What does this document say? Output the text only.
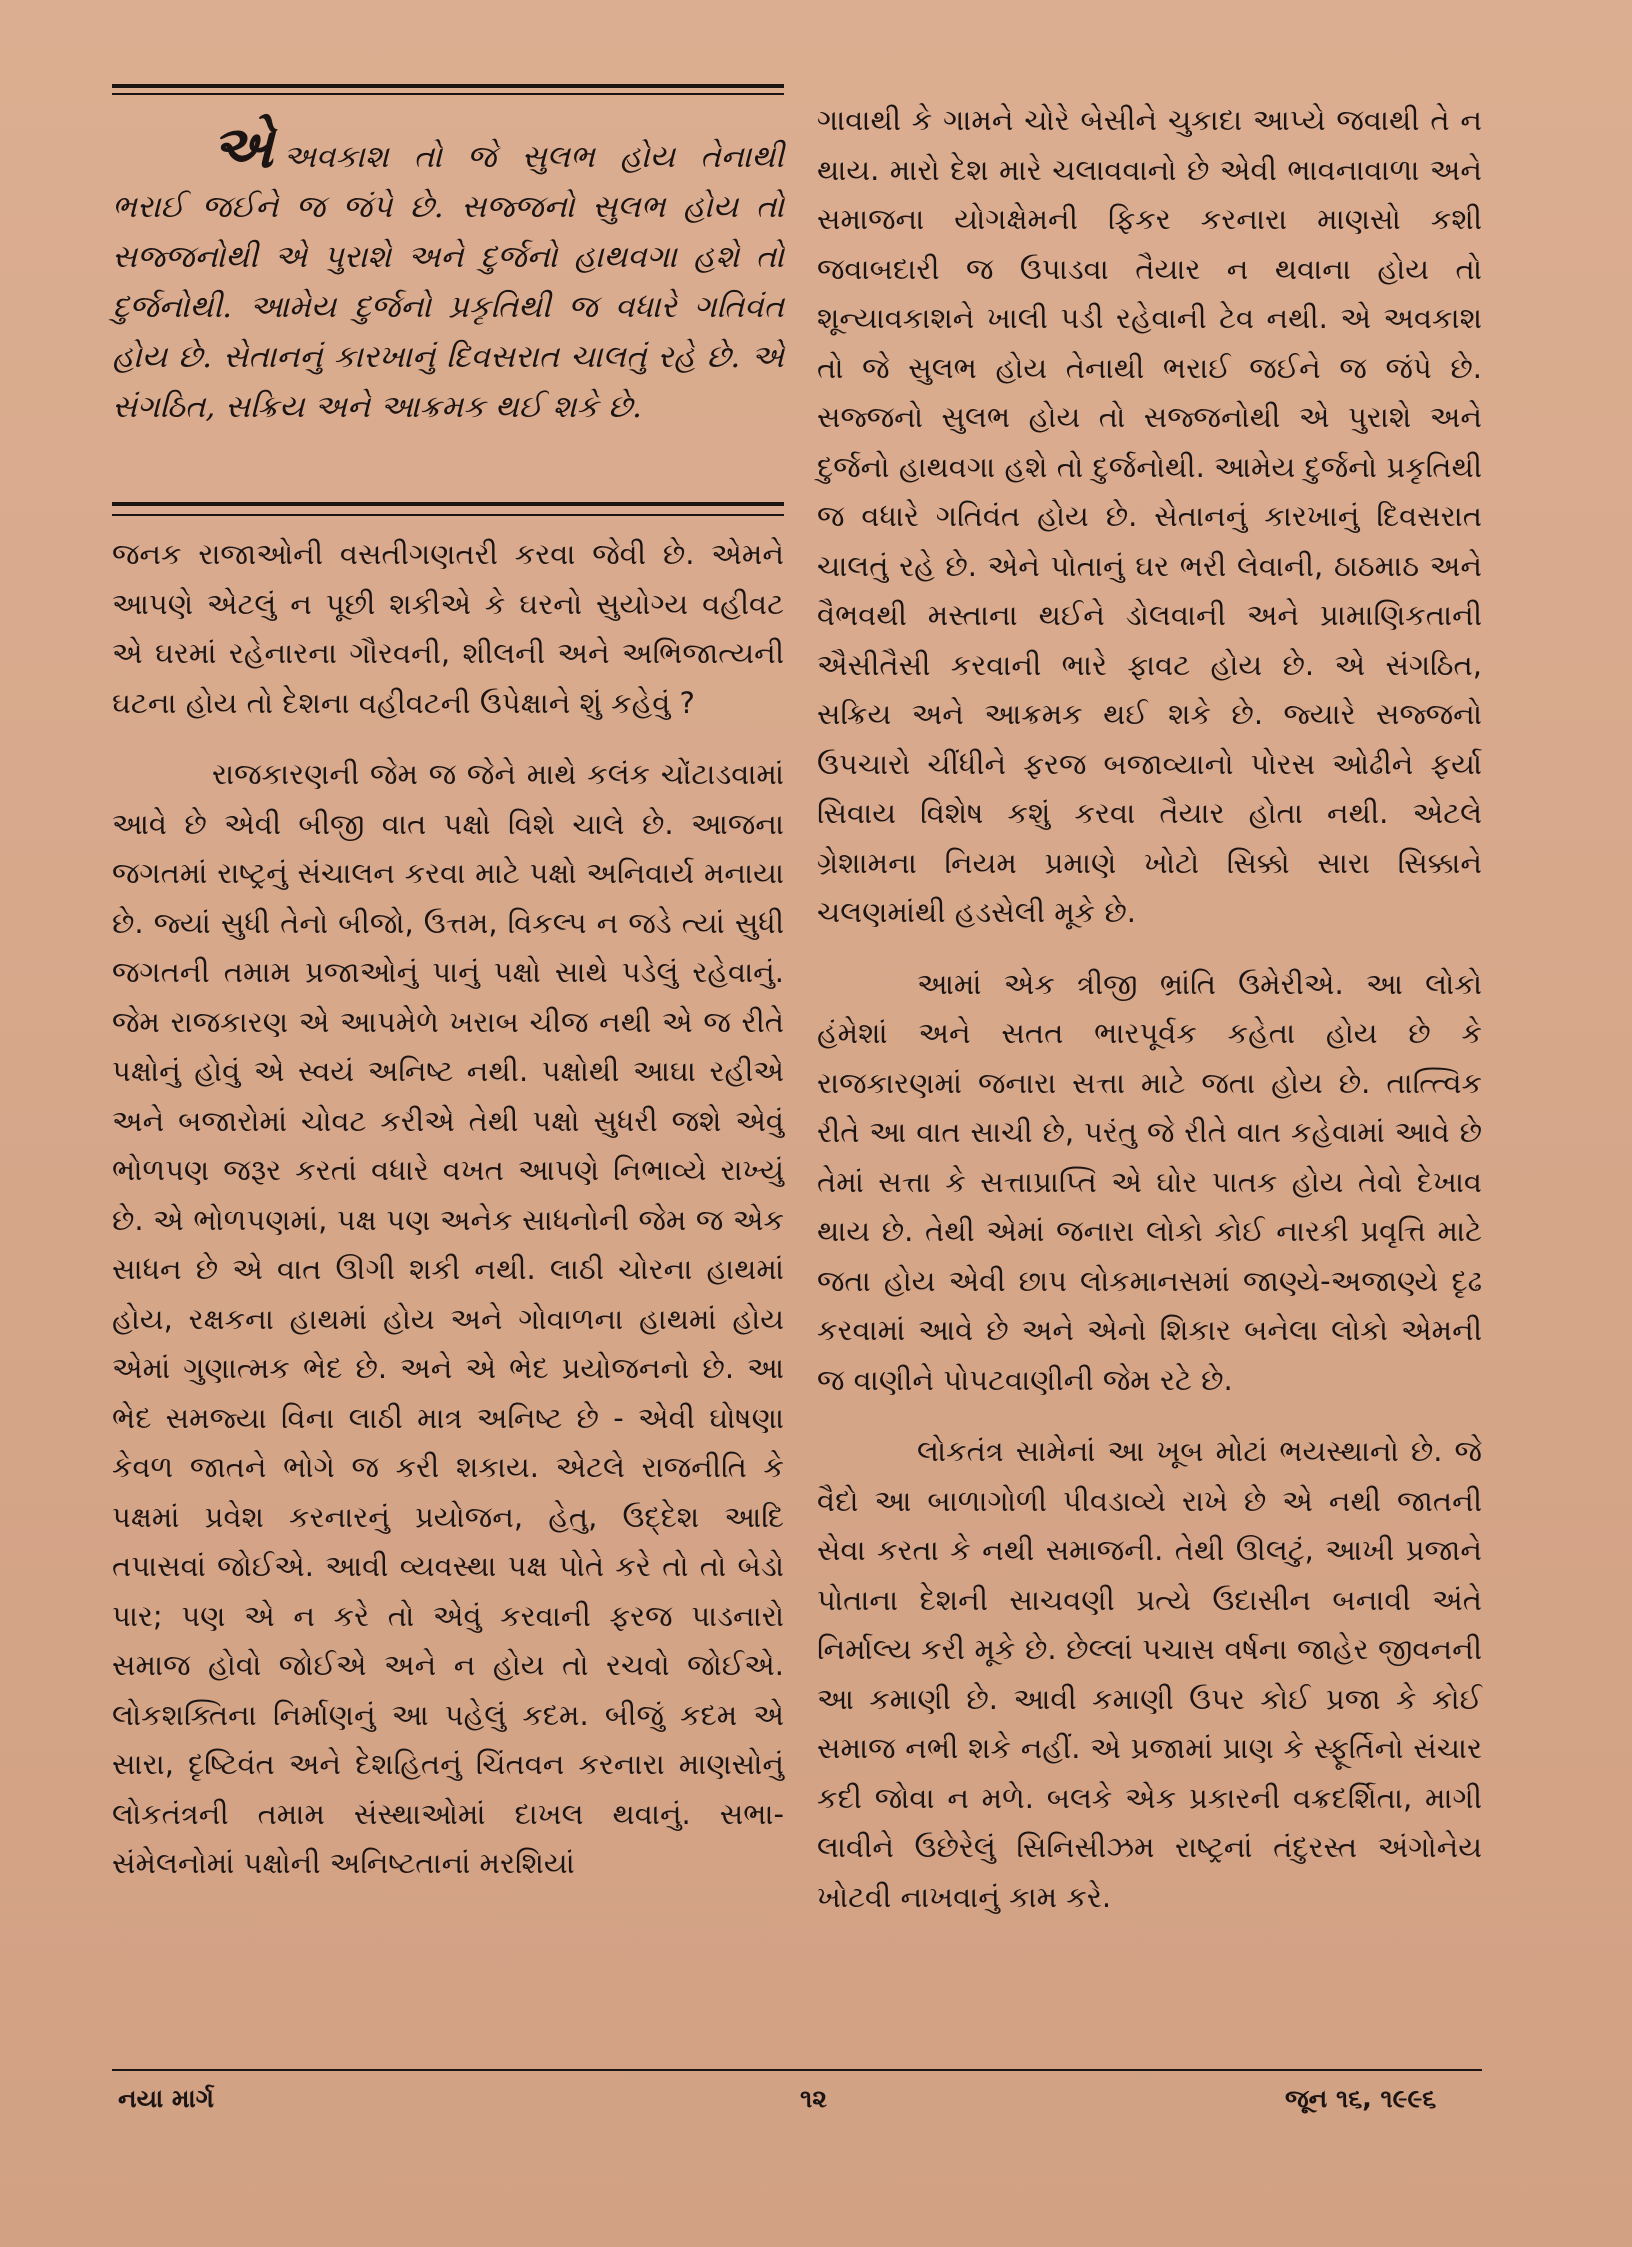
એઅવકાશ તો જે સુલભ હોય તેનાથી ભરાઈ જઈને જ જંપે છે. સજ્જનો સુલભ હોય તો સજ્જનોથી એ પુરાશે અને દુર્જનો હાથવગા હશે તો દુર્જનોથી. આમેય દુર્જનો પ્રકૃતિથી જ વધારે ગતિવંત હોય છે. સેતાનનું કારખાનું દિવસરાત ચાલતું રહે છે. એ સંગઠિત, સક્રિય અને આક્રમક થઈ શકે છે.

જનક રાજાઓની વસતીગણતરી કરવા જેવી છે. એમને આપણે એટલું ન પૂછી શકીએ કે ઘરનો સુયોગ્ય વહીવટ એ ઘરમાં રહેનારના ગૌરવની, શીલની અને અભિજાત્યની ઘટના હોય તો દેશના વહીવટની ઉપેક્ષાને શું કહેવું ?

રાજકારણની જેમ જ જેને માથે કલંક ચોંટાડવામાં આવે છે એવી બીજી વાત પક્ષો વિશે ચાલે છે. આજના જગતમાં રાષ્ટ્રનું સંચાલન કરવા માટે પક્ષો અનિવાર્ય મનાયા છે. જ્યાં સુધી તેનો બીજો, ઉત્તમ, વિકલ્પ ન જડે ત્યાં સુધી જગતની તમામ પ્રજાઓનું પાનું પક્ષો સાથે પડેલું રહેવાનું. જેમ રાજકારણ એ આપમેળે ખરાબ ચીજ નથી એ જ રીતે પક્ષોનું હોવું એ સ્વયં અનિષ્ટ નથી. પક્ષોથી આઘા રહીએ અને બજારોમાં ચોવટ કરીએ તેથી પક્ષો સુધરી જશે એવું ભોળપણ જરૂર કરતાં વધારે વખત આપણે નિભાવ્યે રાખ્યું છે. એ ભોળપણમાં, પક્ષ પણ અનેક સાધનોની જેમ જ એક સાધન છે એ વાત ઊગી શકી નથી. લાઠી ચોરના હાથમાં હોય, રક્ષકના હાથમાં હોય અને ગોવાળના હાથમાં હોય એમાં ગુણાત્મક ભેદ છે. અને એ ભેદ પ્રયોજનનો છે. આ ભેદ સમજ્યા વિના લાઠી માત્ર અનિષ્ટ છે - એવી ઘોષણા કેવળ જાતને ભોગે જ કરી શકાય. એટલે રાજનીતિ કે પક્ષમાં પ્રવેશ કરનારનું પ્રયોજન, હેતુ, ઉદ્દેશ આદિ તપાસવાં જોઈએ. આવી વ્યવસ્થા પક્ષ પોતે કરે તો તો બેડો પાર; પણ એ ન કરે તો એવું કરવાની ફરજ પાડનારો સમાજ હોવો જોઈએ અને ન હોય તો રચવો જોઈએ. લોકશક્તિના નિર્માણનું આ પહેલું કદમ. બીજું કદમ એ સારા, દૃષ્ટિવંત અને દેશહિતનું ચિંતવન કરનારા માણસોનું લોકતંત્રની તમામ સંસ્થાઓમાં દાખલ થવાનું. સભા-સંમેલનોમાં પક્ષોની અનિષ્ટતાનાં મરશિયાં

ગાવાથી કે ગામને ચોરે બેસીને ચુકાદા આપ્યે જવાથી તે ન થાય. મારો દેશ મારે ચલાવવાનો છે એવી ભાવનાવાળા અને સમાજના યોગક્ષેમની ફિકર કરનારા માણસો કશી જવાબદારી જ ઉપાડવા તૈયાર ન થવાના હોય તો શૂન્યાવકાશને ખાલી પડી રહેવાની ટેવ નથી. એ અવકાશ તો જે સુલભ હોય તેનાથી ભરાઈ જઈને જ જંપે છે. સજ્જનો સુલભ હોય તો સજ્જનોથી એ પુરાશે અને દુર્જનો હાથવગા હશે તો દુર્જનોથી. આમેય દુર્જનો પ્રકૃતિથી જ વધારે ગતિવંત હોય છે. સેતાનનું કારખાનું દિવસરાત ચાલતું રહે છે. એને પોતાનું ઘર ભરી લેવાની, ઠાઠમાઠ અને વૈભવથી મસ્તાના થઈને ડોલવાની અને પ્રામાણિકતાની ઐસીતૈસી કરવાની ભારે ફાવટ હોય છે. એ સંગઠિત, સક્રિય અને આક્રમક થઈ શકે છે. જ્યારે સજ્જનો ઉપચારો ચીંધીને ફરજ બજાવ્યાનો પોરસ ઓઢીને ફર્યા સિવાય વિશેષ કશું કરવા તૈયાર હોતા નથી. એટલે ગ્રેશામના નિયમ પ્રમાણે ખોટો સિક્કો સારા સિક્કાને ચલણમાંથી હડસેલી મૂકે છે.

આમાં એક ત્રીજી ભ્રાંતિ ઉમેરીએ. આ લોકો હંમેશાં અને સતત ભારપૂર્વક કહેતા હોય છે કે રાજકારણમાં જનારા સત્તા માટે જતા હોય છે. તાત્ત્વિક રીતે આ વાત સાચી છે, પરંતુ જે રીતે વાત કહેવામાં આવે છે તેમાં સત્તા કે સત્તાપ્રાપ્તિ એ ઘોર પાતક હોય તેવો દેખાવ થાય છે. તેથી એમાં જનારા લોકો કોઈ નારકી પ્રવૃત્તિ માટે જતા હોય એવી છાપ લોકમાનસમાં જાણ્યે-અજાણ્યે દૃઢ કરવામાં આવે છે અને એનો શિકાર બનેલા લોકો એમની જ વાણીને પોપટવાણીની જેમ રટે છે.

લોકતંત્ર સામેનાં આ ખૂબ મોટાં ભયસ્થાનો છે. જે વૈદો આ બાળાગોળી પીવડાવ્યે રાખે છે એ નથી જાતની સેવા કરતા કે નથી સમાજની. તેથી ઊલટું, આખી પ્રજાને પોતાના દેશની સાચવણી પ્રત્યે ઉદાસીન બનાવી અંતે નિર્માલ્ય કરી મૂકે છે. છેલ્લાં પચાસ વર્ષના જાહેર જીવનની આ કમાણી છે. આવી કમાણી ઉપર કોઈ પ્રજા કે કોઈ સમાજ નભી શકે નહીં. એ પ્રજામાં પ્રાણ કે સ્ફૂર્તિનો સંચાર કદી જોવા ન મળે. બલકે એક પ્રકારની વક્રદર્શિતા, માગી લાવીને ઉછેરેલું સિનિસીઝમ રાષ્ટ્રનાં તંદુરસ્ત અંગોનેય ખોટવી નાખવાનું કામ કરે.

નયા માર્ગ	૧૨	જૂન ૧૬, ૧૯૯૬
